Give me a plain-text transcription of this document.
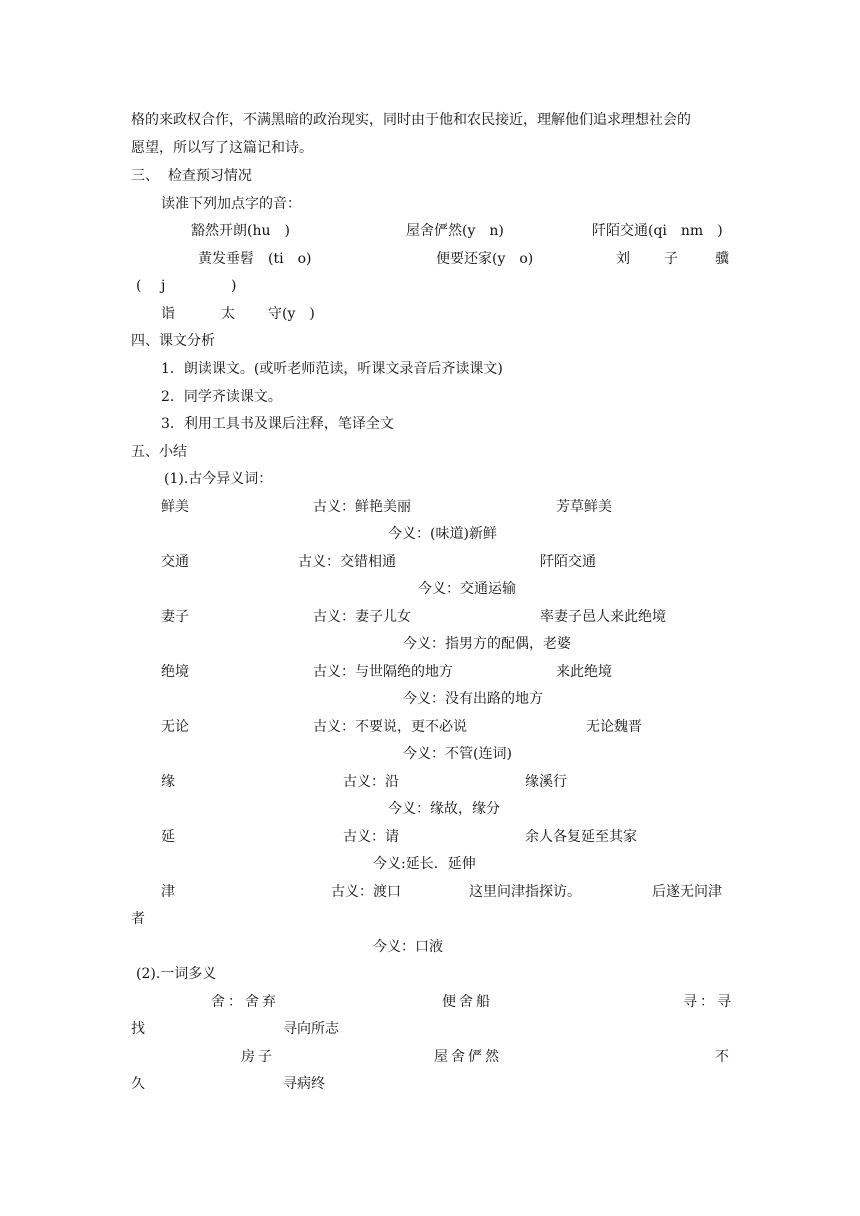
格的来政权合作，不满黑暗的政治现实，同时由于他和农民接近，理解他们追求理想社会的
愿望，所以写了这篇记和诗。
三、  检查预习情况
读准下列加点字的音：
豁然开朗(hu　)	屋舍俨然(y　n)	阡陌交通(qi　nm　)
黄发垂髫　(ti　o)	便要还家(y　o)	刘 子	骥
( j	)
诣	太 守(y　)
四、课文分析
1．朗读课文。(或听老师范读，听课文录音后齐读课文)
2．同学齐读课文。
3．利用工具书及课后注释，笔译全文
五、小结
(1).古今异义词：
鲜美	古义：鲜艳美丽	芳草鲜美
今义：(味道)新鲜
交通	古义：交错相通	阡陌交通
今义：交通运输
妻子	古义：妻子儿女	率妻子邑人来此绝境
今义：指男方的配偶，老婆
绝境	古义：与世隔绝的地方	来此绝境
今义：没有出路的地方
无论	古义：不要说，更不必说	无论魏晋
今义：不管(连词)
缘	古义：沿	缘溪行
今义：缘故，缘分
延	古义：请	余人各复延至其家
今义:延长．延伸
津	古义：渡口	这里问津指探访。	后遂无问津
者
今义：口液
(2).一词多义
舍：舍弃	便舍船	寻：寻
找	寻向所志
房子	屋舍俨然	不
久	寻病终
